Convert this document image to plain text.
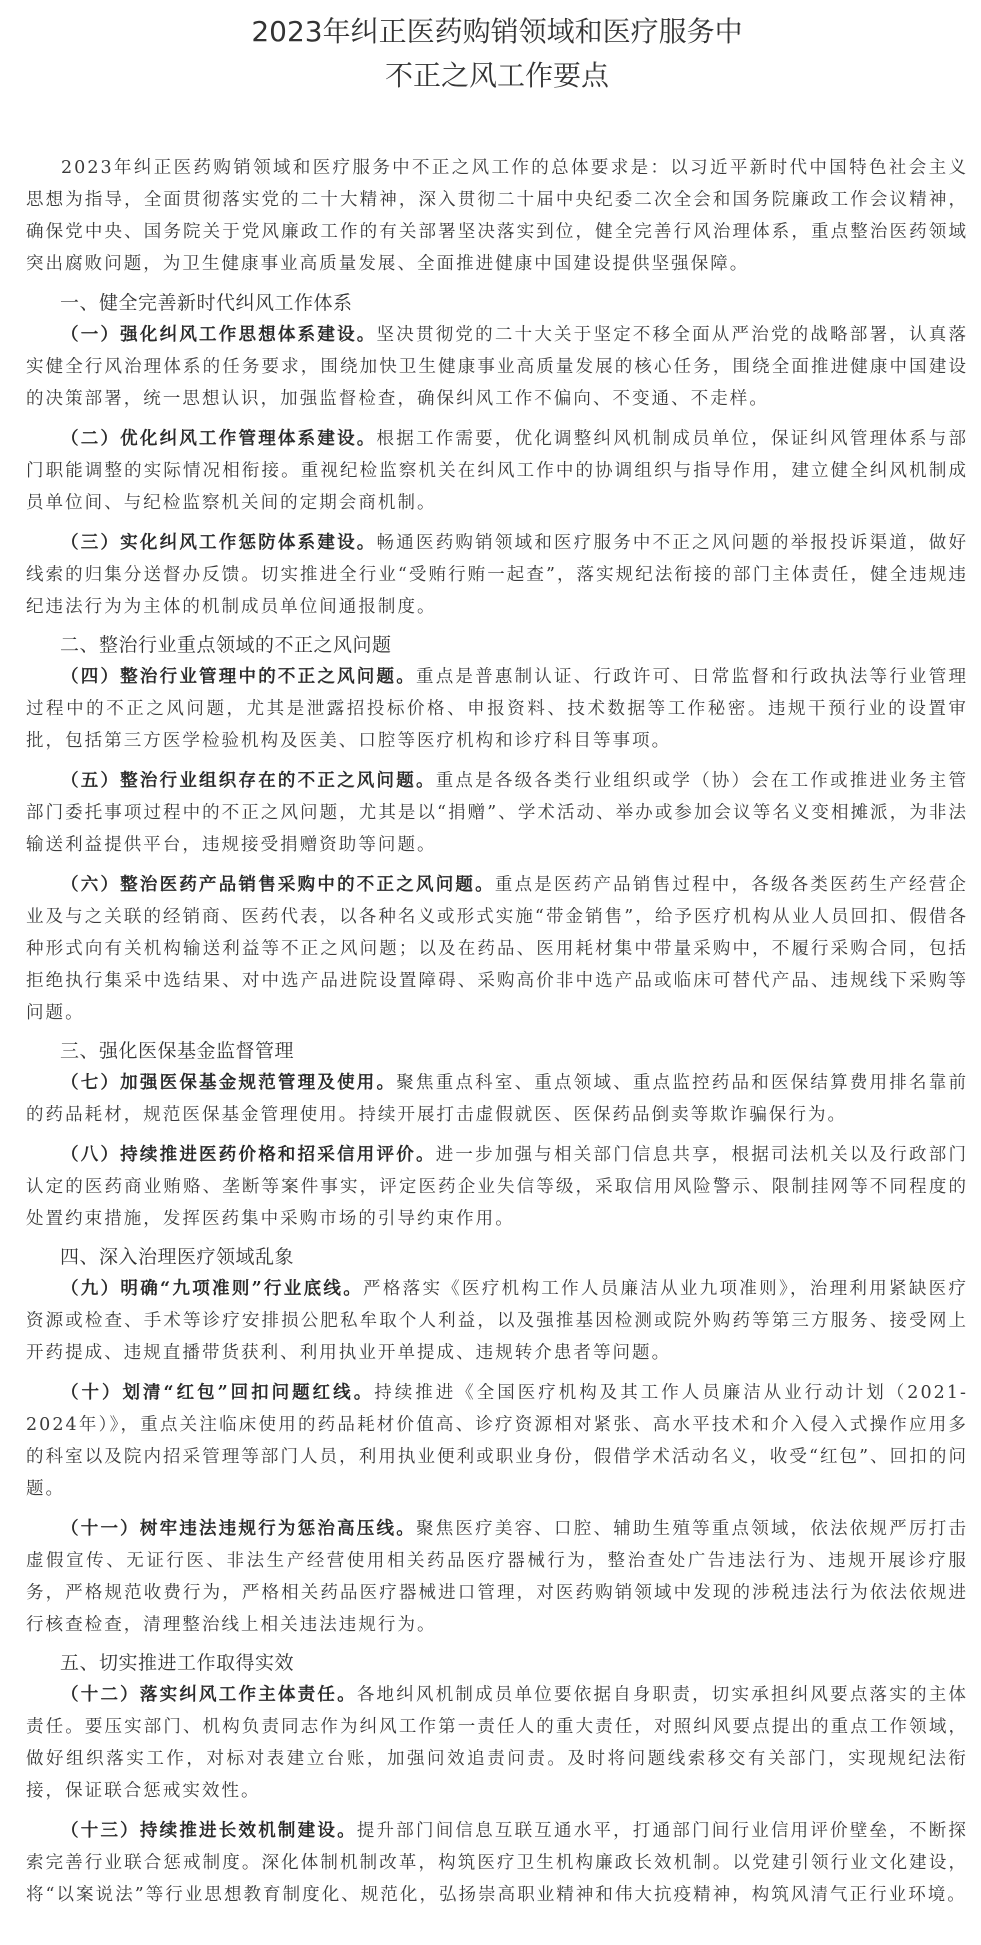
2023年纠正医药购销领域和医疗服务中
不正之风工作要点

2023年纠正医药购销领域和医疗服务中不正之风工作的总体要求是：以习近平新时代中国特色社会主义思想为指导，全面贯彻落实党的二十大精神，深入贯彻二十届中央纪委二次全会和国务院廉政工作会议精神，确保党中央、国务院关于党风廉政工作的有关部署坚决落实到位，健全完善行风治理体系，重点整治医药领域突出腐败问题，为卫生健康事业高质量发展、全面推进健康中国建设提供坚强保障。

一、健全完善新时代纠风工作体系

（一）强化纠风工作思想体系建设。坚决贯彻党的二十大关于坚定不移全面从严治党的战略部署，认真落实健全行风治理体系的任务要求，围绕加快卫生健康事业高质量发展的核心任务，围绕全面推进健康中国建设的决策部署，统一思想认识，加强监督检查，确保纠风工作不偏向、不变通、不走样。

（二）优化纠风工作管理体系建设。根据工作需要，优化调整纠风机制成员单位，保证纠风管理体系与部门职能调整的实际情况相衔接。重视纪检监察机关在纠风工作中的协调组织与指导作用，建立健全纠风机制成员单位间、与纪检监察机关间的定期会商机制。

（三）实化纠风工作惩防体系建设。畅通医药购销领域和医疗服务中不正之风问题的举报投诉渠道，做好线索的归集分送督办反馈。切实推进全行业“受贿行贿一起查”，落实规纪法衔接的部门主体责任，健全违规违纪违法行为为主体的机制成员单位间通报制度。

二、整治行业重点领域的不正之风问题

（四）整治行业管理中的不正之风问题。重点是普惠制认证、行政许可、日常监督和行政执法等行业管理过程中的不正之风问题，尤其是泄露招投标价格、申报资料、技术数据等工作秘密。违规干预行业的设置审批，包括第三方医学检验机构及医美、口腔等医疗机构和诊疗科目等事项。

（五）整治行业组织存在的不正之风问题。重点是各级各类行业组织或学（协）会在工作或推进业务主管部门委托事项过程中的不正之风问题，尤其是以“捐赠”、学术活动、举办或参加会议等名义变相摊派，为非法输送利益提供平台，违规接受捐赠资助等问题。

（六）整治医药产品销售采购中的不正之风问题。重点是医药产品销售过程中，各级各类医药生产经营企业及与之关联的经销商、医药代表，以各种名义或形式实施“带金销售”，给予医疗机构从业人员回扣、假借各种形式向有关机构输送利益等不正之风问题；以及在药品、医用耗材集中带量采购中，不履行采购合同，包括拒绝执行集采中选结果、对中选产品进院设置障碍、采购高价非中选产品或临床可替代产品、违规线下采购等问题。

三、强化医保基金监督管理

（七）加强医保基金规范管理及使用。聚焦重点科室、重点领域、重点监控药品和医保结算费用排名靠前的药品耗材，规范医保基金管理使用。持续开展打击虚假就医、医保药品倒卖等欺诈骗保行为。

（八）持续推进医药价格和招采信用评价。进一步加强与相关部门信息共享，根据司法机关以及行政部门认定的医药商业贿赂、垄断等案件事实，评定医药企业失信等级，采取信用风险警示、限制挂网等不同程度的处置约束措施，发挥医药集中采购市场的引导约束作用。

四、深入治理医疗领域乱象

（九）明确“九项准则”行业底线。严格落实《医疗机构工作人员廉洁从业九项准则》，治理利用紧缺医疗资源或检查、手术等诊疗安排损公肥私牟取个人利益，以及强推基因检测或院外购药等第三方服务、接受网上开药提成、违规直播带货获利、利用执业开单提成、违规转介患者等问题。

（十）划清“红包”回扣问题红线。持续推进《全国医疗机构及其工作人员廉洁从业行动计划（2021-2024年）》，重点关注临床使用的药品耗材价值高、诊疗资源相对紧张、高水平技术和介入侵入式操作应用多的科室以及院内招采管理等部门人员，利用执业便利或职业身份，假借学术活动名义，收受“红包”、回扣的问题。

（十一）树牢违法违规行为惩治高压线。聚焦医疗美容、口腔、辅助生殖等重点领域，依法依规严厉打击虚假宣传、无证行医、非法生产经营使用相关药品医疗器械行为，整治查处广告违法行为、违规开展诊疗服务，严格规范收费行为，严格相关药品医疗器械进口管理，对医药购销领域中发现的涉税违法行为依法依规进行核查检查，清理整治线上相关违法违规行为。

五、切实推进工作取得实效

（十二）落实纠风工作主体责任。各地纠风机制成员单位要依据自身职责，切实承担纠风要点落实的主体责任。要压实部门、机构负责同志作为纠风工作第一责任人的重大责任，对照纠风要点提出的重点工作领域，做好组织落实工作，对标对表建立台账，加强问效追责问责。及时将问题线索移交有关部门，实现规纪法衔接，保证联合惩戒实效性。

（十三）持续推进长效机制建设。提升部门间信息互联互通水平，打通部门间行业信用评价壁垒，不断探索完善行业联合惩戒制度。深化体制机制改革，构筑医疗卫生机构廉政长效机制。以党建引领行业文化建设，将“以案说法”等行业思想教育制度化、规范化，弘扬崇高职业精神和伟大抗疫精神，构筑风清气正行业环境。
